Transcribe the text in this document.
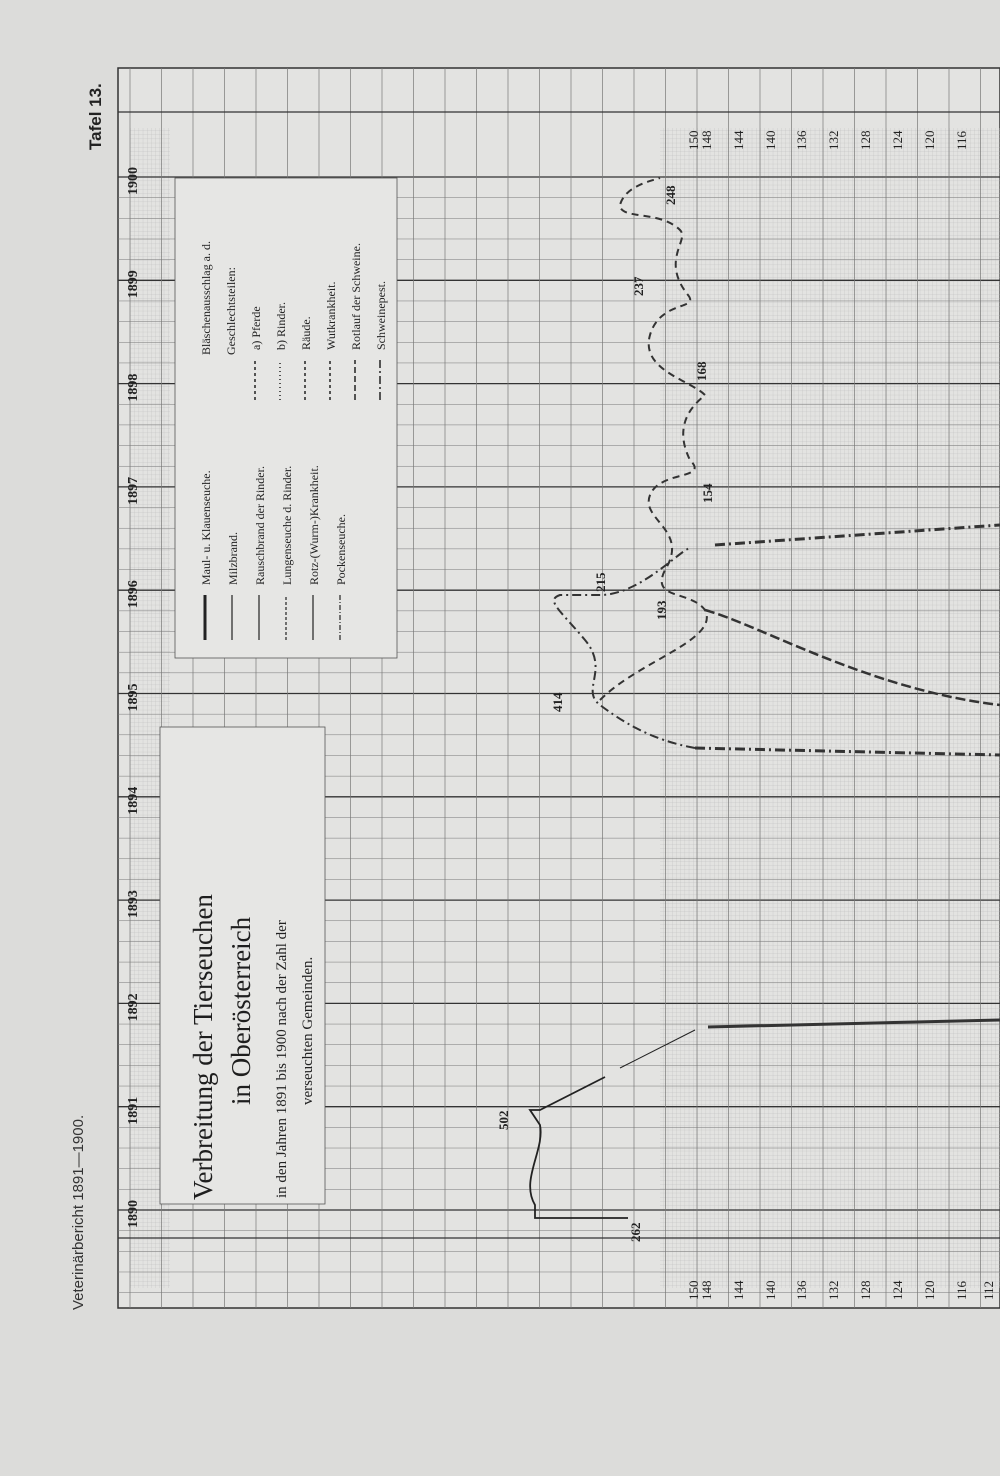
Veterinärbericht 1891—1900.
Tafel 13.
1890
1891
1892
1893
1894
1895
1896
1897
1898
1899
1900
150
148 144 140 136 132 128 124 120 116 112
150
148 144 140 136 132 128 124 120 116
262
502
414
215
193
154
168
237
248
Verbreitung der Tierseuchen in Oberösterreich in den Jahren 1891 bis 1900 nach der Zahl der verseuchten Gemeinden.
Maul- u. Klauenseuche. Milzbrand. Rauschbrand der Rinder. Lungenseuche d. Rinder. Rotz-(Wurm-)Krankheit. Pockenseuche.
Bläschenausschlag a. d. Geschlechtsteilen: a) Pferde b) Rinder. Räude. Wutkrankheit. Rotlauf der Schweine. Schweinepest.
